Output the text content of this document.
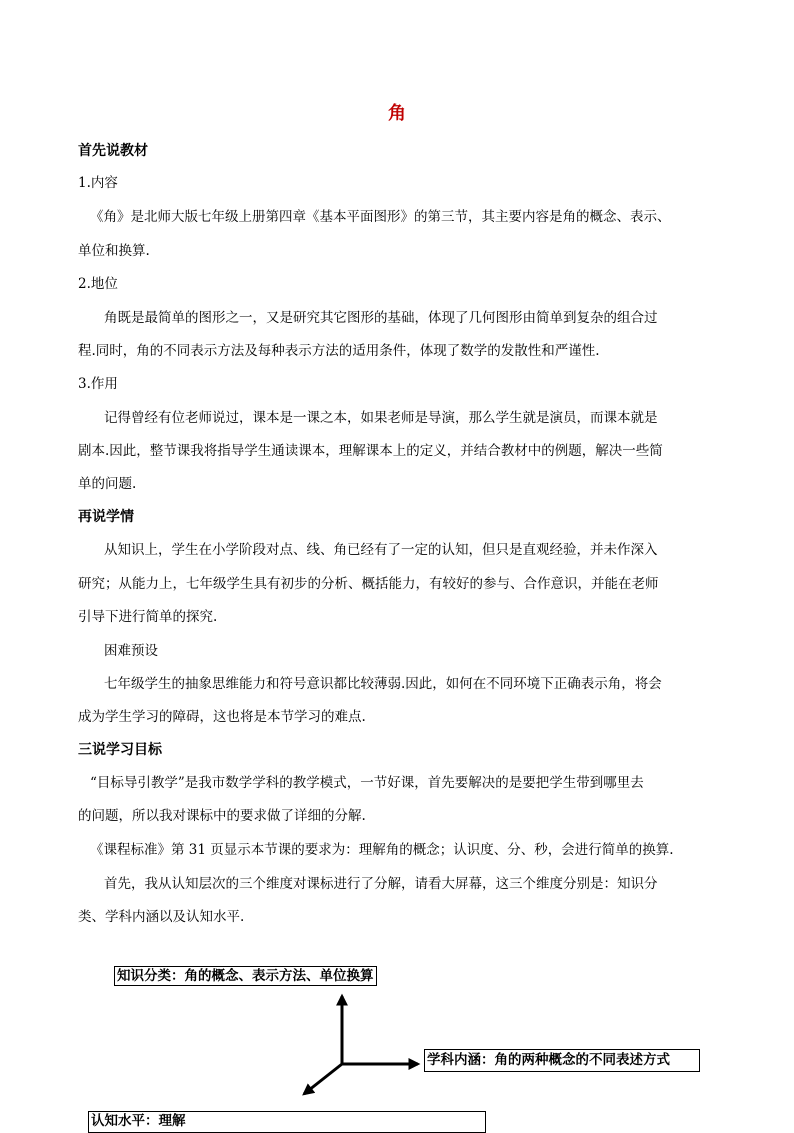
角
首先说教材
1.内容
《角》是北师大版七年级上册第四章《基本平面图形》的第三节，其主要内容是角的概念、表示、
单位和换算.
2.地位
角既是最简单的图形之一，又是研究其它图形的基础，体现了几何图形由简单到复杂的组合过
程.同时，角的不同表示方法及每种表示方法的适用条件，体现了数学的发散性和严谨性.
3.作用
记得曾经有位老师说过，课本是一课之本，如果老师是导演，那么学生就是演员，而课本就是
剧本.因此，整节课我将指导学生通读课本，理解课本上的定义，并结合教材中的例题，解决一些简
单的问题.
再说学情
从知识上，学生在小学阶段对点、线、角已经有了一定的认知，但只是直观经验，并未作深入
研究；从能力上，七年级学生具有初步的分析、概括能力，有较好的参与、合作意识，并能在老师
引导下进行简单的探究.
困难预设
七年级学生的抽象思维能力和符号意识都比较薄弱.因此，如何在不同环境下正确表示角，将会
成为学生学习的障碍，这也将是本节学习的难点.
三说学习目标
“目标导引教学”是我市数学学科的教学模式，一节好课，首先要解决的是要把学生带到哪里去
的问题，所以我对课标中的要求做了详细的分解.
《课程标准》第 31 页显示本节课的要求为：理解角的概念；认识度、分、秒，会进行简单的换算.
首先，我从认知层次的三个维度对课标进行了分解，请看大屏幕，这三个维度分别是：知识分
类、学科内涵以及认知水平.
知识分类：角的概念、表示方法、单位换算
学科内涵：角的两种概念的不同表述方式
认知水平：理解
